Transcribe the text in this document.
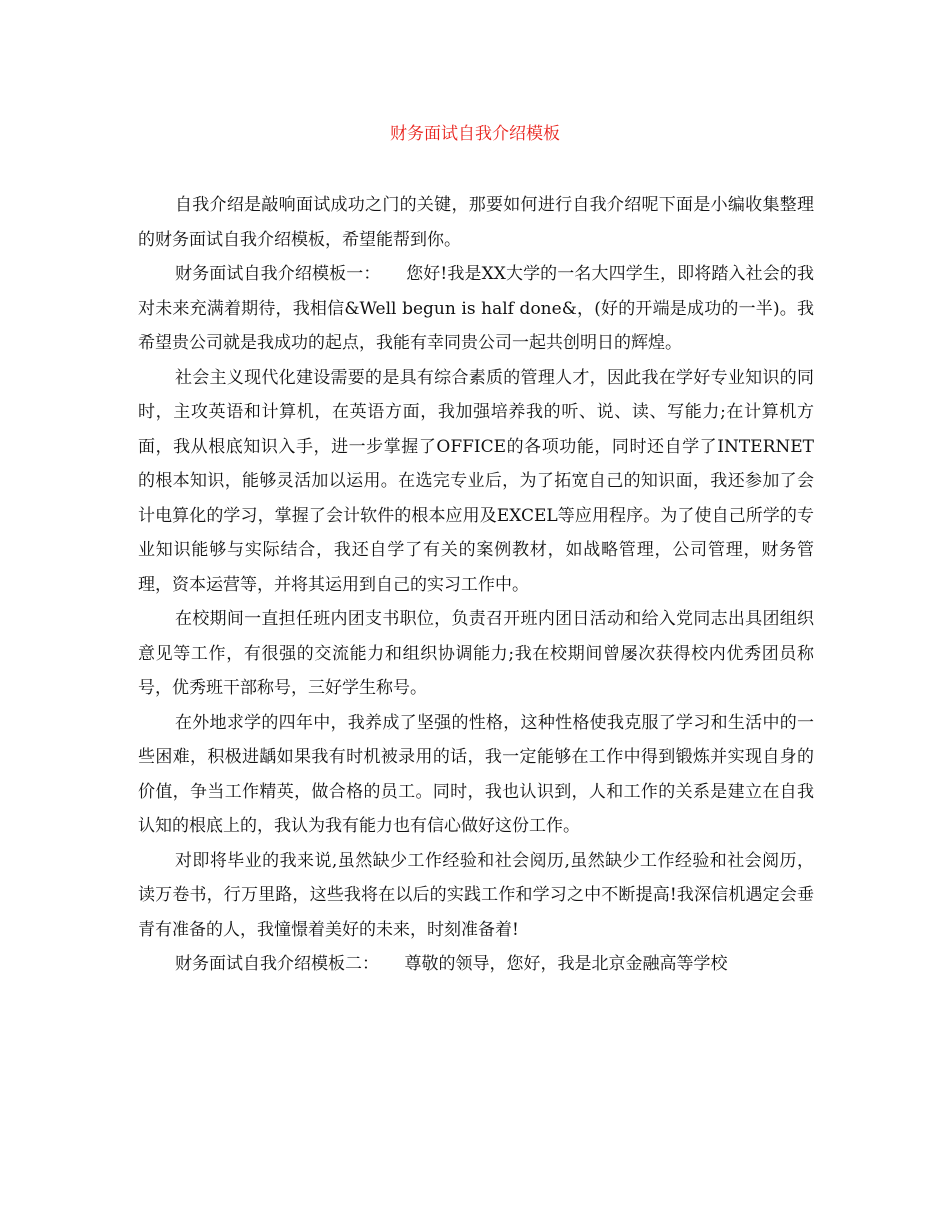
财务面试自我介绍模板

自我介绍是敲响面试成功之门的关键，那要如何进行自我介绍呢下面是小编收集整理的财务面试自我介绍模板，希望能帮到你。

财务面试自我介绍模板一：　　您好!我是XX大学的一名大四学生，即将踏入社会的我对未来充满着期待，我相信&Well begun is half done&，(好的开端是成功的一半)。我希望贵公司就是我成功的起点，我能有幸同贵公司一起共创明日的辉煌。

社会主义现代化建设需要的是具有综合素质的管理人才，因此我在学好专业知识的同时，主攻英语和计算机，在英语方面，我加强培养我的听、说、读、写能力;在计算机方面，我从根底知识入手，进一步掌握了OFFICE的各项功能，同时还自学了INTERNET的根本知识，能够灵活加以运用。在选完专业后，为了拓宽自己的知识面，我还参加了会计电算化的学习，掌握了会计软件的根本应用及EXCEL等应用程序。为了使自己所学的专业知识能够与实际结合，我还自学了有关的案例教材，如战略管理，公司管理，财务管理，资本运营等，并将其运用到自己的实习工作中。

在校期间一直担任班内团支书职位，负责召开班内团日活动和给入党同志出具团组织意见等工作，有很强的交流能力和组织协调能力;我在校期间曾屡次获得校内优秀团员称号，优秀班干部称号，三好学生称号。

在外地求学的四年中，我养成了坚强的性格，这种性格使我克服了学习和生活中的一些困难，积极进龋如果我有时机被录用的话，我一定能够在工作中得到锻炼并实现自身的价值，争当工作精英，做合格的员工。同时，我也认识到，人和工作的关系是建立在自我认知的根底上的，我认为我有能力也有信心做好这份工作。

对即将毕业的我来说,虽然缺少工作经验和社会阅历,虽然缺少工作经验和社会阅历，读万卷书，行万里路，这些我将在以后的实践工作和学习之中不断提高!我深信机遇定会垂青有准备的人，我憧憬着美好的未来，时刻准备着!

财务面试自我介绍模板二：　　尊敬的领导，您好，我是北京金融高等学校
